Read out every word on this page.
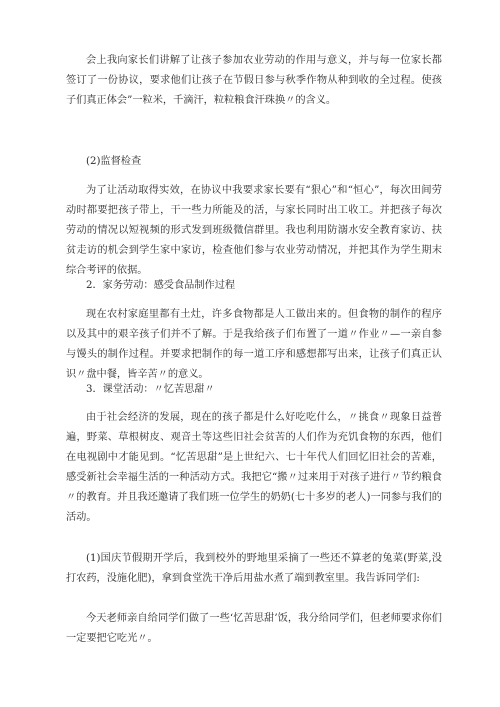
会上我向家长们讲解了让孩子参加农业劳动的作用与意义，并与每一位家长都签订了一份协议，要求他们让孩子在节假日参与秋季作物从种到收的全过程。使孩子们真正体会”一粒米，千滴汗，粒粒粮食汗珠换〃的含义。

(2)监督检查

为了让活动取得实效，在协议中我要求家长要有“狠心”和“恒心”，每次田间劳动时都要把孩子带上，干一些力所能及的活，与家长同时出工收工。并把孩子每次劳动的情况以短视频的形式发到班级微信群里。我也利用防溺水安全教育家访、扶贫走访的机会到学生家中家访，检查他们参与农业劳动情况，并把其作为学生期末综合考评的依据。

2．家务劳动：感受食品制作过程

现在农村家庭里都有土灶，许多食物都是人工做出来的。但食物的制作的程序以及其中的艰辛孩子们并不了解。于是我给孩子们布置了一道〃作业〃—一亲自参与馒头的制作过程。并要求把制作的每一道工序和感想都写出来，让孩子们真正认识〃盘中餐，皆辛苦〃的意义。

3．课堂活动：〃忆苦思甜〃

由于社会经济的发展，现在的孩子都是什么好吃吃什么，〃挑食〃现象日益普遍，野菜、草根树皮、观音土等这些旧社会贫苦的人们作为充饥食物的东西，他们在电视剧中才能见到。“忆苦思甜”是上世纪六、七十年代人们回忆旧社会的苦难，感受新社会幸福生活的一种活动方式。我把它“搬〃过来用于对孩子进行〃节约粮食〃的教育。并且我还邀请了我们班一位学生的奶奶(七十多岁的老人)一同参与我们的活动。

(1)国庆节假期开学后，我到校外的野地里采摘了一些还不算老的兔菜(野菜,没打农药，没施化肥)，拿到食堂洗干净后用盐水煮了端到教室里。我告诉同学们:

今天老师亲自给同学们做了一些‘忆苦思甜’饭，我分给同学们，但老师要求你们一定要把它吃光〃。
